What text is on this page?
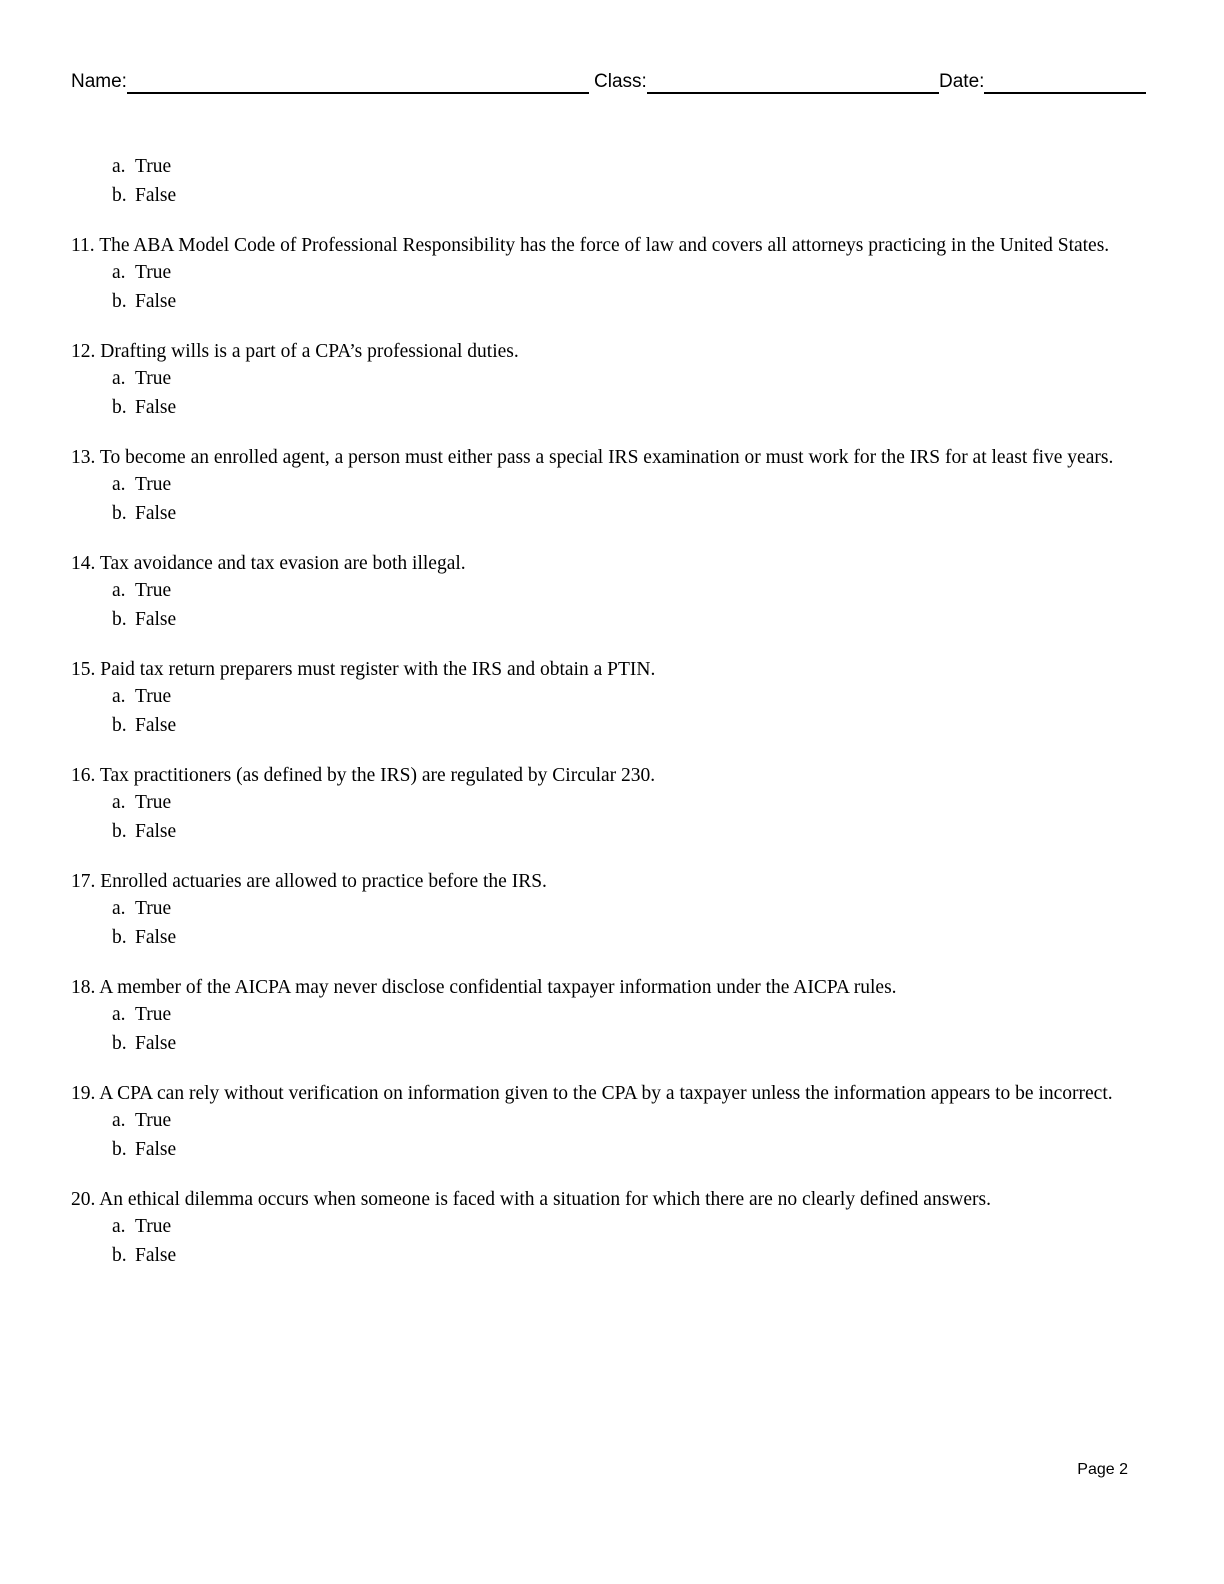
Name:	Class:	Date:
a. True
b. False

11. The ABA Model Code of Professional Responsibility has the force of law and covers all attorneys practicing in the United States.

a. True
b. False

12. Drafting wills is a part of a CPA’s professional duties.

a. True
b. False

13. To become an enrolled agent, a person must either pass a special IRS examination or must work for the IRS for at least five years.

a. True
b. False

14. Tax avoidance and tax evasion are both illegal.

a. True
b. False

15. Paid tax return preparers must register with the IRS and obtain a PTIN.

a. True
b. False

16. Tax practitioners (as defined by the IRS) are regulated by Circular 230.

a. True
b. False

17. Enrolled actuaries are allowed to practice before the IRS.

a. True
b. False

18. A member of the AICPA may never disclose confidential taxpayer information under the AICPA rules.

a. True
b. False

19. A CPA can rely without verification on information given to the CPA by a taxpayer unless the information appears to be incorrect.

a. True
b. False

20. An ethical dilemma occurs when someone is faced with a situation for which there are no clearly defined answers.

a. True
b. False
Page 2
